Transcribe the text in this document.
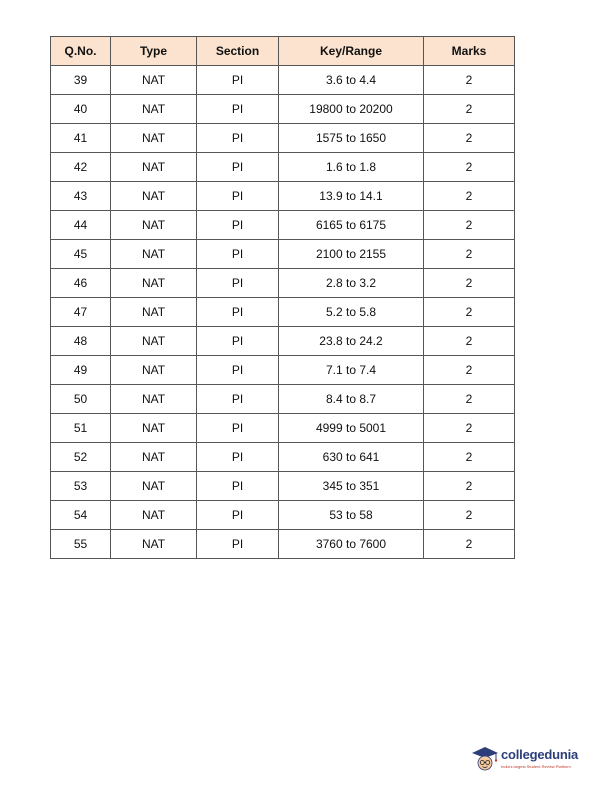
Q.No.	Type	Section	Key/Range	Marks
39	NAT	PI	3.6 to 4.4	2
40	NAT	PI	19800 to 20200	2
41	NAT	PI	1575 to 1650	2
42	NAT	PI	1.6 to 1.8	2
43	NAT	PI	13.9 to 14.1	2
44	NAT	PI	6165 to 6175	2
45	NAT	PI	2100 to 2155	2
46	NAT	PI	2.8 to 3.2	2
47	NAT	PI	5.2 to 5.8	2
48	NAT	PI	23.8 to 24.2	2
49	NAT	PI	7.1 to 7.4	2
50	NAT	PI	8.4 to 8.7	2
51	NAT	PI	4999 to 5001	2
52	NAT	PI	630 to 641	2
53	NAT	PI	345 to 351	2
54	NAT	PI	53 to 58	2
55	NAT	PI	3760 to 7600	2
collegedunia
India's largest Student Review Platform
